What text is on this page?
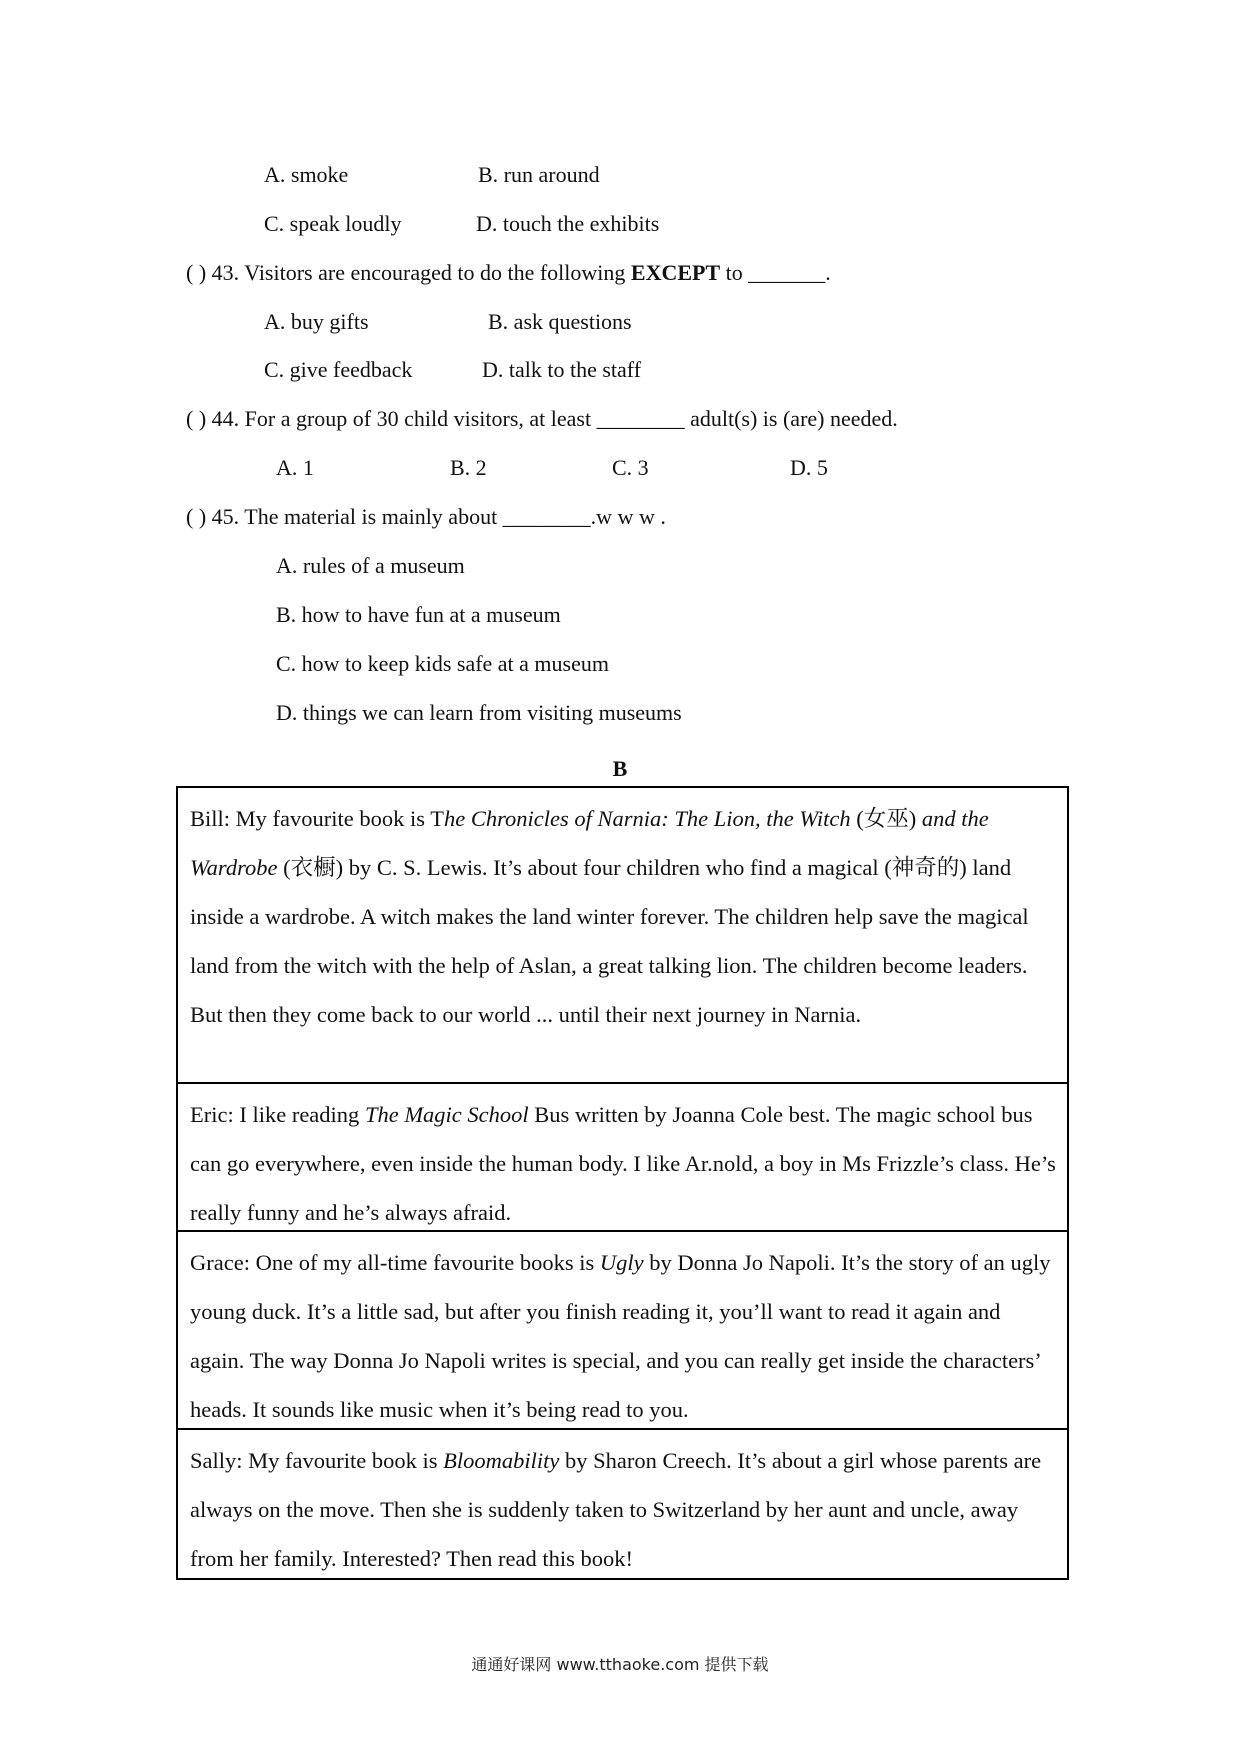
A. smoke	B. run around
C. speak loudly	D. touch the exhibits
( ) 43. Visitors are encouraged to do the following EXCEPT to _______.
A. buy gifts	B. ask questions
C. give feedback	D. talk to the staff
( ) 44. For a group of 30 child visitors, at least ________ adult(s) is (are) needed.
A. 1	B. 2	C. 3	D. 5
( ) 45. The material is mainly about ________.w w w .
A. rules of a museum
B. how to have fun at a museum
C. how to keep kids safe at a museum
D. things we can learn from visiting museums
B
Bill: My favourite book is The Chronicles of Narnia: The Lion, the Witch (女巫) and the Wardrobe (衣橱) by C. S. Lewis. It’s about four children who find a magical (神奇的) land inside a wardrobe. A witch makes the land winter forever. The children help save the magical land from the witch with the help of Aslan, a great talking lion. The children become leaders. But then they come back to our world ... until their next journey in Narnia.
Eric: I like reading The Magic School Bus written by Joanna Cole best. The magic school bus can go everywhere, even inside the human body. I like Ar.nold, a boy in Ms Frizzle’s class. He’s really funny and he’s always afraid.
Grace: One of my all-time favourite books is Ugly by Donna Jo Napoli. It’s the story of an ugly young duck. It’s a little sad, but after you finish reading it, you’ll want to read it again and again. The way Donna Jo Napoli writes is special, and you can really get inside the characters’ heads. It sounds like music when it’s being read to you.
Sally: My favourite book is Bloomability by Sharon Creech. It’s about a girl whose parents are always on the move. Then she is suddenly taken to Switzerland by her aunt and uncle, away from her family. Interested? Then read this book!
通通好课网 www.tthaoke.com 提供下载
